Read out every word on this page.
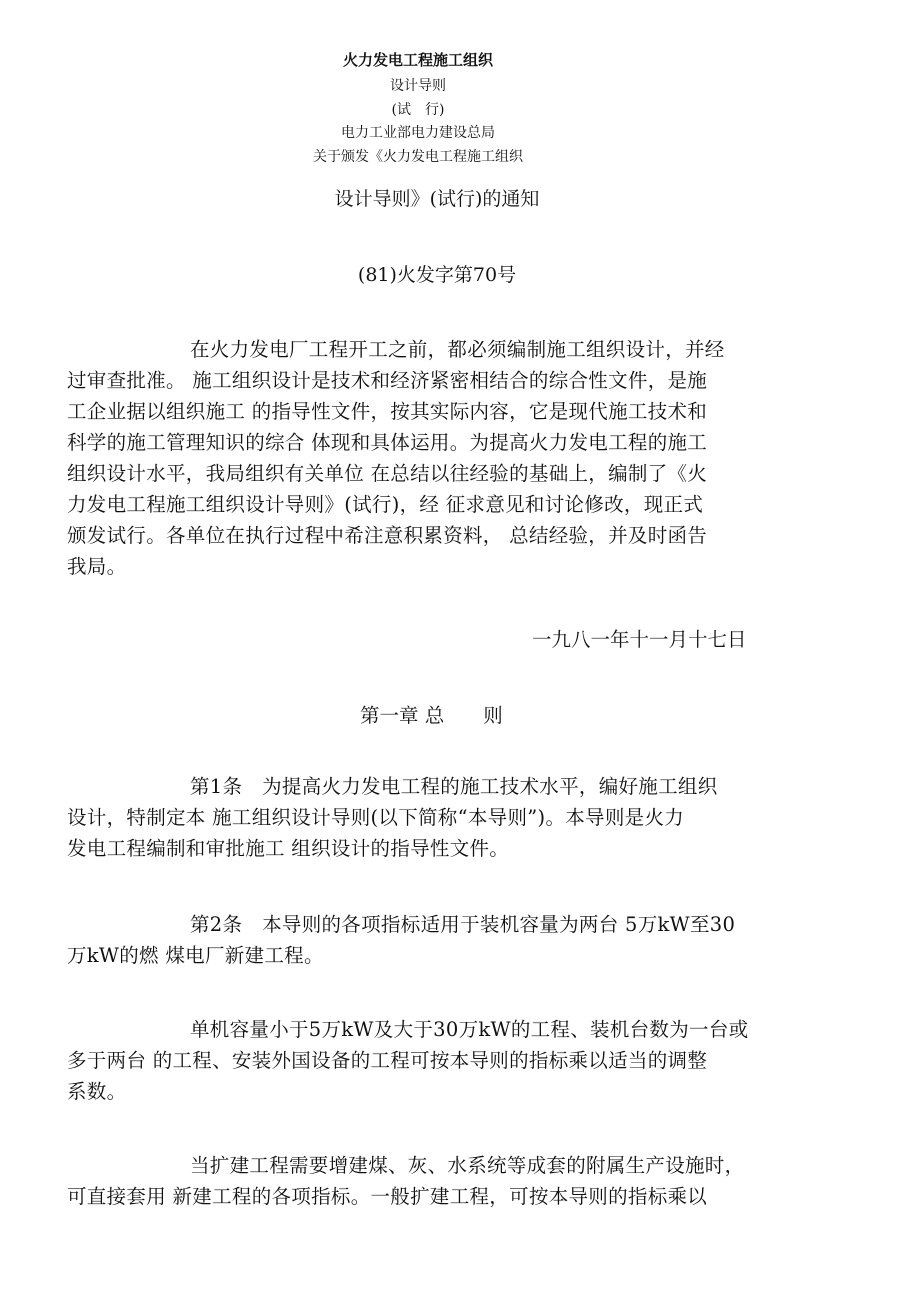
火力发电工程施工组织
设计导则
(试　行)
电力工业部电力建设总局
关于颁发《火力发电工程施工组织
设计导则》(试行)的通知
(81)火发字第70号
在火力发电厂工程开工之前，都必须编制施工组织设计，并经
过审查批准。 施工组织设计是技术和经济紧密相结合的综合性文件，是施
工企业据以组织施工 的指导性文件，按其实际内容，它是现代施工技术和
科学的施工管理知识的综合 体现和具体运用。为提高火力发电工程的施工
组织设计水平，我局组织有关单位 在总结以往经验的基础上，编制了《火
力发电工程施工组织设计导则》(试行)，经 征求意见和讨论修改，现正式
颁发试行。各单位在执行过程中希注意积累资料， 总结经验，并及时函告
我局。
一九八一年十一月十七日
第一章 总　　则
第1条　为提高火力发电工程的施工技术水平，编好施工组织
设计，特制定本 施工组织设计导则(以下简称“本导则”)。本导则是火力
发电工程编制和审批施工 组织设计的指导性文件。
第2条　本导则的各项指标适用于装机容量为两台 5万kW至30
万kW的燃 煤电厂新建工程。
单机容量小于5万kW及大于30万kW的工程、装机台数为一台或
多于两台 的工程、安装外国设备的工程可按本导则的指标乘以适当的调整
系数。
当扩建工程需要增建煤、灰、水系统等成套的附属生产设施时，
可直接套用 新建工程的各项指标。一般扩建工程，可按本导则的指标乘以
